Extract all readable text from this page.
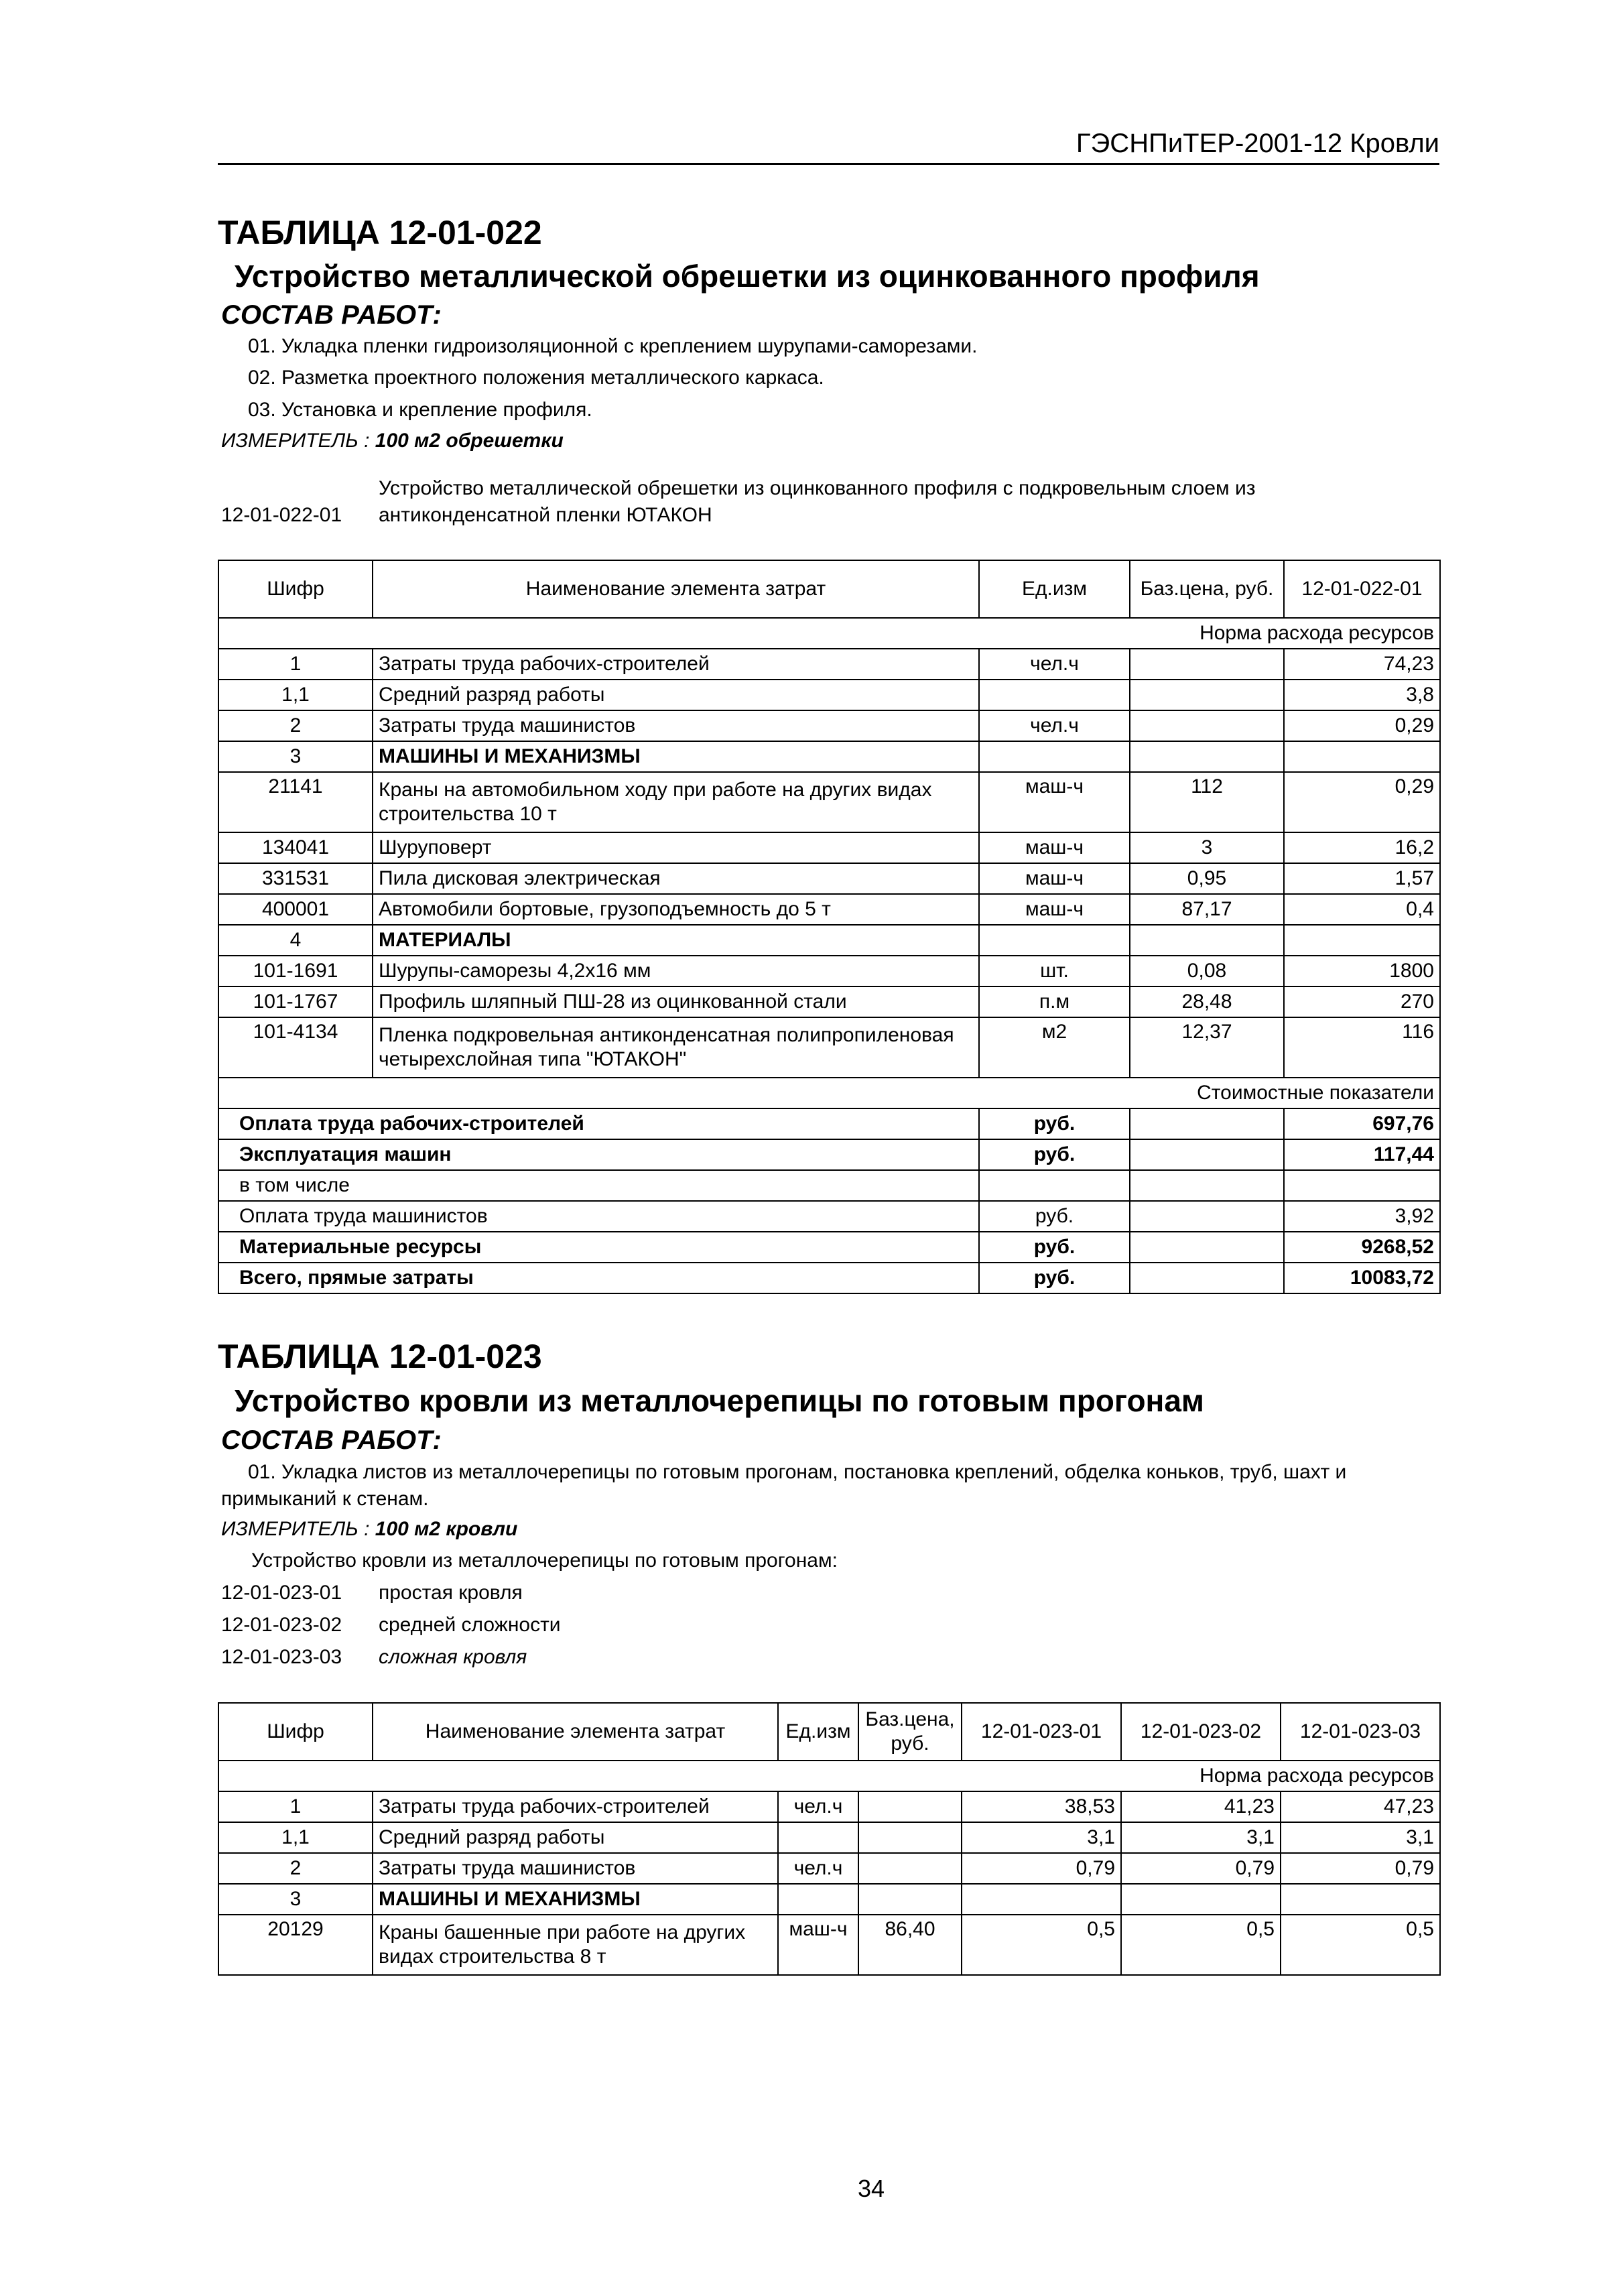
ГЭСНПиТЕР-2001-12 Кровли
ТАБЛИЦА 12-01-022
Устройство металлической обрешетки из оцинкованного профиля
СОСТАВ РАБОТ:
01. Укладка пленки гидроизоляционной с креплением шурупами-саморезами.
02. Разметка проектного положения металлического каркаса.
03. Установка и крепление профиля.
ИЗМЕРИТЕЛЬ : 100 м2 обрешетки
Устройство металлической обрешетки из оцинкованного профиля с подкровельным слоем из
12-01-022-01 антиконденсатной пленки ЮТАКОН
Шифр	Наименование элемента затрат	Ед.изм	Баз.цена, руб.	12-01-022-01
Норма расхода ресурсов				
1	Затраты труда рабочих-строителей	чел.ч		74,23
1,1	Средний разряд работы			3,8
2	Затраты труда машинистов	чел.ч		0,29
3	МАШИНЫ И МЕХАНИЗМЫ			
21141	Краны на автомобильном ходу при работе на других видах строительства 10 т	маш-ч	112	0,29
134041	Шуруповерт	маш-ч	3	16,2
331531	Пила дисковая электрическая	маш-ч	0,95	1,57
400001	Автомобили бортовые, грузоподъемность до 5 т	маш-ч	87,17	0,4
4	МАТЕРИАЛЫ			
101-1691	Шурупы-саморезы 4,2х16 мм	шт.	0,08	1800
101-1767	Профиль шляпный ПШ-28 из оцинкованной стали	п.м	28,48	270
101-4134	Пленка подкровельная антиконденсатная полипропиленовая четырехслойная типа "ЮТАКОН"	м2	12,37	116
Стоимостные показатели				
Оплата труда рабочих-строителей		руб.		697,76
Эксплуатация машин		руб.		117,44
в том числе				
Оплата труда машинистов		руб.		3,92
Материальные ресурсы		руб.		9268,52
Всего, прямые затраты		руб.		10083,72
ТАБЛИЦА 12-01-023
Устройство кровли из металлочерепицы по готовым прогонам
СОСТАВ РАБОТ:
01. Укладка листов из металлочерепицы по готовым прогонам, постановка креплений, обделка коньков, труб, шахт и
примыканий к стенам.
ИЗМЕРИТЕЛЬ : 100 м2 кровли
Устройство кровли из металлочерепицы по готовым прогонам:
12-01-023-01 простая кровля
12-01-023-02 средней сложности
12-01-023-03 сложная кровля
Шифр	Наименование элемента затрат	Ед.изм	Баз.цена, руб.	12-01-023-01	12-01-023-02	12-01-023-03
Норма расхода ресурсов						
1	Затраты труда рабочих-строителей	чел.ч		38,53	41,23	47,23
1,1	Средний разряд работы			3,1	3,1	3,1
2	Затраты труда машинистов	чел.ч		0,79	0,79	0,79
3	МАШИНЫ И МЕХАНИЗМЫ					
20129	Краны башенные при работе на других видах строительства 8 т	маш-ч	86,40	0,5	0,5	0,5
34
